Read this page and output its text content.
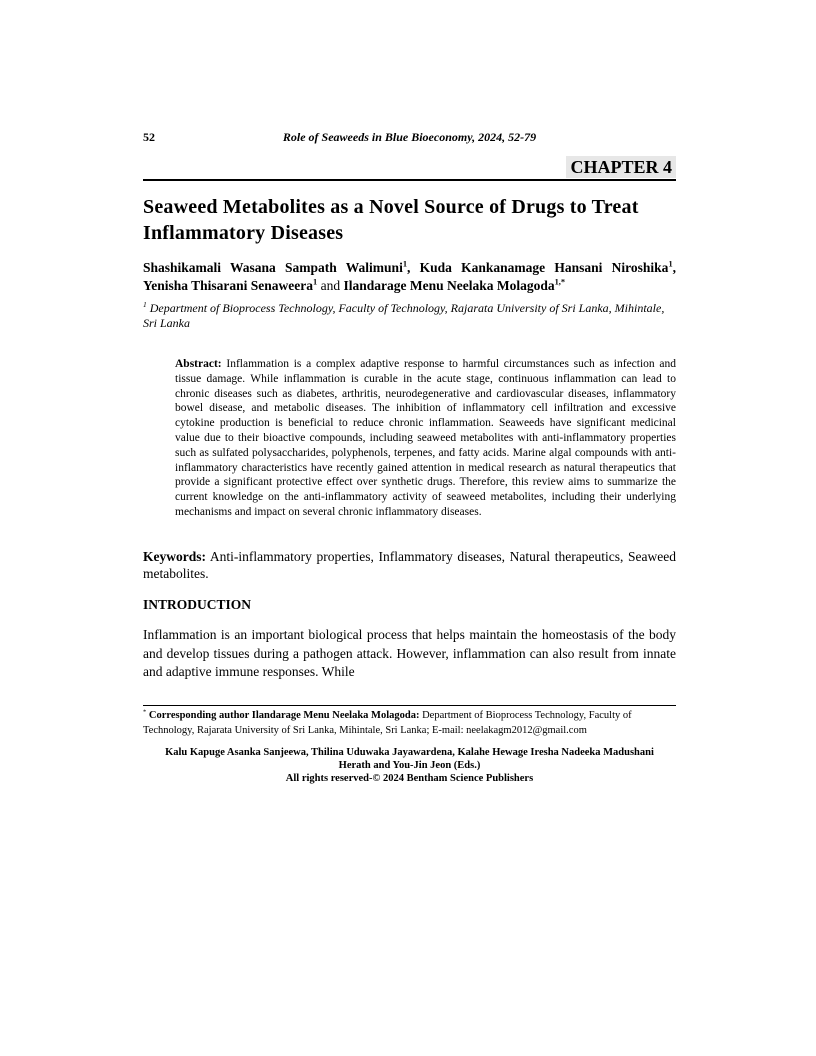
52	Role of Seaweeds in Blue Bioeconomy, 2024, 52-79
CHAPTER 4
Seaweed Metabolites as a Novel Source of Drugs to Treat Inflammatory Diseases

Shashikamali Wasana Sampath Walimuni$^1$, Kuda Kankanamage Hansani Niroshika$^1$, Yenisha Thisarani Senaweera$^1$ and Ilandarage Menu Neelaka Molagoda$^{1,*}$

$^1$ Department of Bioprocess Technology, Faculty of Technology, Rajarata University of Sri Lanka, Mihintale, Sri Lanka

Abstract: Inflammation is a complex adaptive response to harmful circumstances such as infection and tissue damage. While inflammation is curable in the acute stage, continuous inflammation can lead to chronic diseases such as diabetes, arthritis, neurodegenerative and cardiovascular diseases, inflammatory bowel disease, and metabolic diseases. The inhibition of inflammatory cell infiltration and excessive cytokine production is beneficial to reduce chronic inflammation. Seaweeds have significant medicinal value due to their bioactive compounds, including seaweed metabolites with anti-inflammatory properties such as sulfated polysaccharides, polyphenols, terpenes, and fatty acids. Marine algal compounds with anti-inflammatory characteristics have recently gained attention in medical research as natural therapeutics that provide a significant protective effect over synthetic drugs. Therefore, this review aims to summarize the current knowledge on the anti-inflammatory activity of seaweed metabolites, including their underlying mechanisms and impact on several chronic inflammatory diseases.

Keywords: Anti-inflammatory properties, Inflammatory diseases, Natural therapeutics, Seaweed metabolites.

INTRODUCTION

Inflammation is an important biological process that helps maintain the homeostasis of the body and develop tissues during a pathogen attack. However, inflammation can also result from innate and adaptive immune responses. While

* Corresponding author Ilandarage Menu Neelaka Molagoda: Department of Bioprocess Technology, Faculty of Technology, Rajarata University of Sri Lanka, Mihintale, Sri Lanka; E-mail: neelakagm2012@gmail.com

Kalu Kapuge Asanka Sanjeewa, Thilina Uduwaka Jayawardena, Kalahe Hewage Iresha Nadeeka Madushani
Herath and You-Jin Jeon (Eds.)
All rights reserved-© 2024 Bentham Science Publishers
